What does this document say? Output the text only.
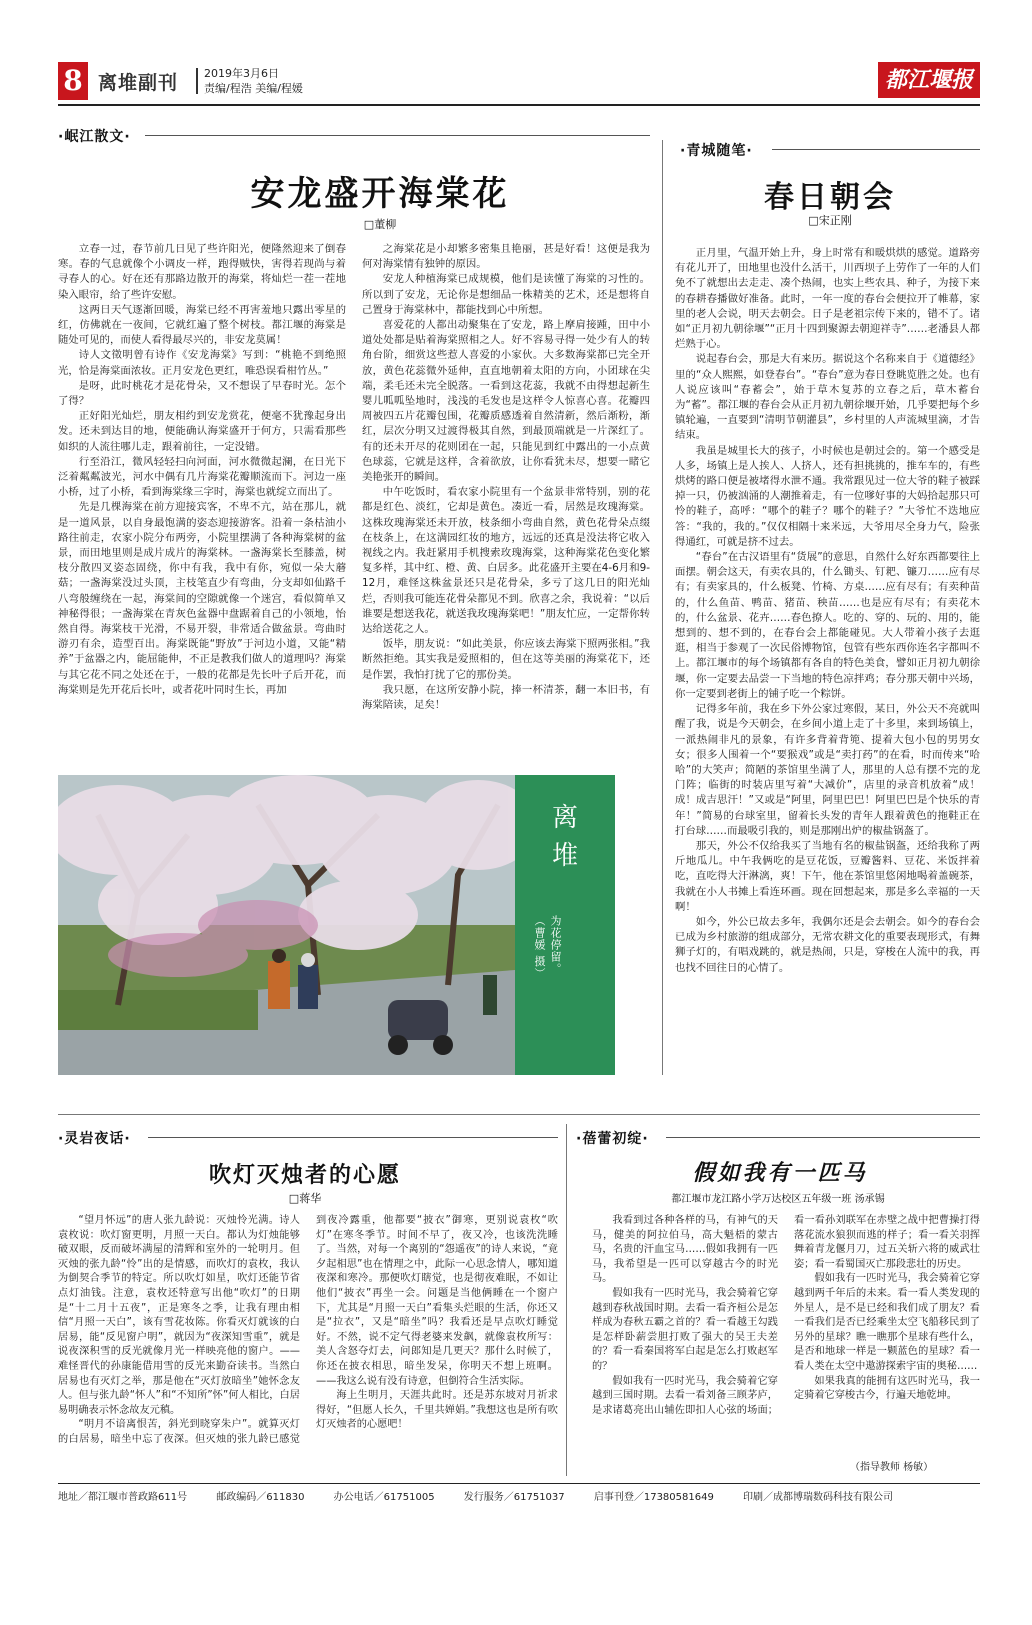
8 离堆副刊 2019年3月6日
责编/程浩 美编/程媛	都江堰报
·岷江散文·
安龙盛开海棠花
□董柳

立春一过，春节前几日见了些许阳光，便隆然迎来了倒春寒。春的气息就像个小调皮一样，跑得贼快，害得若现尚与着寻春人的心。好在还有那路边散开的海棠，将灿烂一茬一茬地染入眼帘，给了些许安慰。

这两日天气逐渐回暖，海棠已经不再害羞地只露出零星的红，仿佛就在一夜间，它就红遍了整个树枝。都江堰的海棠是随处可见的，而使人看得最尽兴的，非安龙莫属！

诗人文徵明曾有诗作《安龙海棠》写到：“桃艳不到绝照光，恰是海棠面浓妆。正月安龙色更红，唯恐误看柑竹丛。”

是呀，此时桃花才是花骨朵，又不想误了早春时光。怎个了得？

正好阳光灿烂，朋友相约到安龙赏花，便毫不犹豫起身出发。还未到达目的地，便能确认海棠盛开于何方，只需看那些如织的人流往哪儿走，跟着前往，一定没错。

行至沿江，微风轻轻扫向河面，河水微微起澜，在日光下泛着粼粼波光，河水中偶有几片海棠花瓣顺流而下。河边一座小桥，过了小桥，看到海棠缘三字时，海棠也就绽立而出了。

先是几棵海棠在前方迎接宾客，不卑不亢，站在那儿，就是一道风景，以自身最饱满的姿态迎接游客。沿着一条枯油小路往前走，农家小院分布两旁，小院里摆满了各种海棠树的盆景，而田地里则是成片成片的海棠林。一盏海棠长至膝盖，树枝分散四叉姿态固绕，你中有我，我中有你，宛似一朵大蘑菇；一盏海棠没过头顶，主枝笔直少有弯曲，分支却如仙路千八弯般缠绕在一起，海棠间的空隙就像一个迷宫，看似简单又神秘得很；一盏海棠在青灰色盆器中盘踞着自己的小领地，怡然自得。海棠枝干光滑，不易开裂，非常适合做盆景。弯曲时游刃有余，造型百出。海棠既能“野放”于河边小道，又能“精养”于盆器之内，能屈能伸，不正是教我们做人的道理吗？海棠与其它花不同之处还在于，一般的花都是先长叶子后开花，而海棠则是先开花后长叶，或者花叶同时生长，再加

之海棠花是小却繁多密集且艳丽，甚是好看！这便是我为何对海棠情有独钟的原因。

安龙人种植海棠已成规模，他们是读懂了海棠的习性的。所以到了安龙，无论你是想细品一株精美的艺术，还是想将自己置身于海棠林中，都能找到心中所想。

喜爱花的人都出动聚集在了安龙，路上摩肩接踵，田中小道处处都是贴着海棠照相之人。好不容易寻得一处少有人的转角台阶，细赏这些惹人喜爱的小家伙。大多数海棠都已完全开放，黄色花蕊微外延伸，直直地朝着太阳的方向，小团球在尖端，柔毛还未完全脱落。一看到这花蕊，我就不由得想起新生婴儿呱呱坠地时，浅浅的毛发也是这样令人惊喜心喜。花瓣四周被四五片花瓣包围，花瓣质感透着自然清新，然后渐粉，渐红，层次分明又过渡得极其自然，到最顶端就是一片深红了。有的还未开尽的花则团在一起，只能见到红中露出的一小点黄色球蕊，它就是这样，含着欲放，让你看犹未尽，想要一睹它美艳张开的瞬间。

中午吃饭时，看农家小院里有一个盆景非常特别，别的花都是红色、淡红，它却是黄色。凑近一看，居然是玫瑰海棠。这株玫瑰海棠还未开放，枝条细小弯曲自然，黄色花骨朵点缀在枝条上，在这满园红妆的地方，远远的还真是没法将它收入视线之内。我赶紧用手机搜索玫瑰海棠，这种海棠花色变化繁复多样，其中红、橙、黄、白居多。此花盛开主要在4-6月和9-12月，难怪这株盆景还只是花骨朵，多亏了这几日的阳光灿烂，否则我可能连花骨朵都见不到。欣喜之余，我说着：“以后谁要是想送我花，就送我玫瑰海棠吧！”朋友忙应，一定帮你转达给送花之人。

饭毕，朋友说：“如此美景，你应该去海棠下照两张相。”我断然拒绝。其实我是爱照相的，但在这等美丽的海棠花下，还是作罢，我怕打扰了它的那份美。

我只愿，在这所安静小院，捧一杯清茶，翻一本旧书，有海棠陪读，足矣！

·青城随笔·
春日朝会
□宋正刚

正月里，气温开始上升，身上时常有和暖烘烘的感觉。道路旁有花儿开了，田地里也没什么活干，川西坝子上劳作了一年的人们免不了就想出去走走、凑个热闹，也实上些农具、种子，为接下来的春耕春播做好准备。此时，一年一度的春台会便拉开了帷幕，家里的老人会说，明天去朝会。日子是老祖宗传下来的，错不了。诸如“正月初九朝徐堰”“正月十四到聚源去朝迎祥寺”……老潘县人都烂熟于心。

说起春台会，那是大有来历。据说这个名称来自于《道德经》里的“众人熙熙，如登春台”。“春台”意为春日登眺览胜之处。也有人说应该叫“春蓄会”，始于草木复苏的立春之后，草木蓄台为“蓄”。都江堰的春台会从正月初九朝徐堰开始，几乎要把每个乡镇轮遍，一直要到“清明节朝灌县”，乡村里的人声流城里滴，才告结束。

我虽是城里长大的孩子，小时候也是朝过会的。第一个感受是人多，场镇上是人挨人、人挤人，还有担挑挑的，推车车的，有些烘烤的路口便是被堵得水泄不通。我常跟见过一位大爷的鞋子被踩掉一只，仍被汹涌的人潮推着走，有一位嗲好事的大妈拾起那只可怜的鞋子，高呼：“哪个的鞋子？哪个的鞋子？”大爷忙不迭地应答：“我的，我的。”仅仅相隔十来米远，大爷用尽全身力气，险张得通红，可就是挤不过去。

“春台”在古汉语里有“货展”的意思，自然什么好东西都要往上面摆。朝会这天，有卖农具的，什么锄头、钉耙、镰刀……应有尽有；有卖家具的，什么板凳、竹椅、方桌……应有尽有；有卖种苗的，什么鱼苗、鸭苗、猪苗、秧苗……也是应有尽有；有卖花木的，什么盆景、花卉……春色撩人。吃的、穿的、玩的、用的，能想到的、想不到的，在春台会上都能碰见。大人带着小孩子去逛逛，相当于参观了一次民俗博物馆，包管有些东西你连名字都叫不上。都江堰市的每个场镇都有各自的特色美食，譬如正月初九朝徐堰，你一定要去品尝一下当地的特色凉拌鸡；春分那天朝中兴场，你一定要到老街上的铺子吃一个粽饼。

记得多年前，我在乡下外公家过寒假，某日，外公天不亮就叫醒了我，说是今天朝会，在乡间小道上走了十多里，来到场镇上，一派热闹非凡的景象，有许多背着背篼、提着大包小包的男男女女；很多人围着一个“要猴戏”或是“卖打药”的在看，时而传来“哈哈”的大笑声；简陋的茶馆里坐满了人，那里的人总有摆不完的龙门阵；临街的时装店里写着“大减价”，店里的录音机放着“成！成！成吉思汗！”又或是“阿里，阿里巴巴！阿里巴巴是个快乐的青年！”简易的台球室里，留着长头发的青年人跟着黄色的拖鞋正在打台球……而最吸引我的，则是那刚出炉的椒盐锅盔了。

那天，外公不仅给我买了当地有名的椒盐锅盔，还给我称了两斤地瓜儿。中午我俩吃的是豆花饭，豆瓣酱料、豆花、米饭拌着吃，直吃得大汗淋漓，爽！下午，他在茶馆里悠闲地喝着盖碗茶，我就在小人书摊上看连环画。现在回想起来，那是多么幸福的一天啊！

如今，外公已故去多年，我偶尔还是会去朝会。如今的春台会已成为乡村旅游的组成部分，无常农耕文化的重要表现形式，有舞狮子灯的，有唱戏跳的，就是热闹，只是，穿梭在人流中的我，再也找不回往日的心情了。

离堆
为花停留。
（曹媛 摄）
·灵岩夜话·
吹灯灭烛者的心愿
□蒋华

“望月怀远”的唐人张九龄说：灭烛怜光满。诗人袁枚说：吹灯窗更明，月照一天白。都认为灯烛能够破双眼，反而破坏满屋的清辉和室外的一轮明月。但灭烛的张九龄“怜”出的是情感，而吹灯的袁枚，我认为倒契合季节的特定。所以吹灯如星，吹灯还能节省点灯油钱。注意，袁枚还特意写出他“吹灯”的日期是“十二月十五夜”，正是寒冬之季，让我有理由相信“月照一天白”，该有雪花妆陈。你看灭灯就该的白居易，能“反见窗户明”，就因为“夜深知雪重”，就是说夜深积雪的反光就像月光一样映亮他的窗户。——难怪晋代的孙康能借用雪的反光来勤奋读书。当然白居易也有灭灯之举，那是他在“灭灯放暗坐”她怀念友人。但与张九龄“怀人”和“不知所”怀”何人相比，白居易明确表示怀念故友元稹。

“明月不谙离恨苦，斜光到晓穿朱户”。就算灭灯的白居易，暗坐中忘了夜深。但灭烛的张九龄已感觉到夜冷露重，他都要“披衣”御寒，更别说袁枚“吹灯”在寒冬季节。时间不早了，夜又冷，也该洗洗睡了。当然，对每一个离别的“怨遥夜”的诗人来说，“竟夕起相思”也在情理之中，此际一心思念情人，哪知道夜深和寒冷。那便吹灯瞎觉，也是彻夜难眠，不如让他们“披衣”再坐一会。问题是当他俩睡在一个窗户下，尤其是“月照一天白”看集头烂眼的生活，你还又是“拉衣”，又是“暗坐”吗？我看还是早点吹灯睡觉好。不然，说不定气得老婆来发飙，就像袁枚所写：美人含怒夺灯去，问郎知是几更天？那什么时候了，你还在披衣相思，暗坐发呆，你明天不想上班啊。——我这么说有没有诗意，但倒符合生活实际。

海上生明月，天涯共此时。还是苏东坡对月祈求得好，“但愿人长久，千里共婵娟。”我想这也是所有吹灯灭烛者的心愿吧！

·蓓蕾初绽·
假如我有一匹马
都江堰市龙江路小学万达校区五年级一班 汤承锡

我看到过各种各样的马，有神气的天马，健美的阿拉伯马，高大魁梧的蒙古马，名贵的汗血宝马……假如我拥有一匹马，我希望是一匹可以穿越古今的时光马。

假如我有一匹时光马，我会骑着它穿越到春秋战国时期。去看一看齐桓公是怎样成为春秋五霸之首的？看一看越王勾践是怎样卧薪尝胆打败了强大的吴王夫差的？看一看秦国将军白起是怎么打败赵军的？

假如我有一匹时光马，我会骑着它穿越到三国时期。去看一看刘备三顾茅庐，是求诸葛亮出山辅佐即扣人心弦的场面；看一看孙刘联军在赤壁之战中把曹操打得落花流水狼狈而逃的样子；看一看关羽挥舞着青龙偃月刀，过五关斩六将的威武壮姿；看一看蜀国灭亡那段悲壮的历史。

假如我有一匹时光马，我会骑着它穿越到两千年后的未来。看一看人类发现的外星人，是不是已经和我们成了朋友？看一看我们是否已经乘坐太空飞船移民到了另外的星球？瞧一瞧那个星球有些什么，是否和地球一样是一颗蓝色的星球？看一看人类在太空中遨游探索宇宙的奥秘……

如果我真的能拥有这匹时光马，我一定骑着它穿梭古今，行遍天地乾坤。

（指导教师 杨敏）
地址／都江堰市普政路611号	邮政编码／611830	办公电话／61751005	发行服务／61751037	启事刊登／17380581649	印刷／成都博瑞数码科技有限公司
